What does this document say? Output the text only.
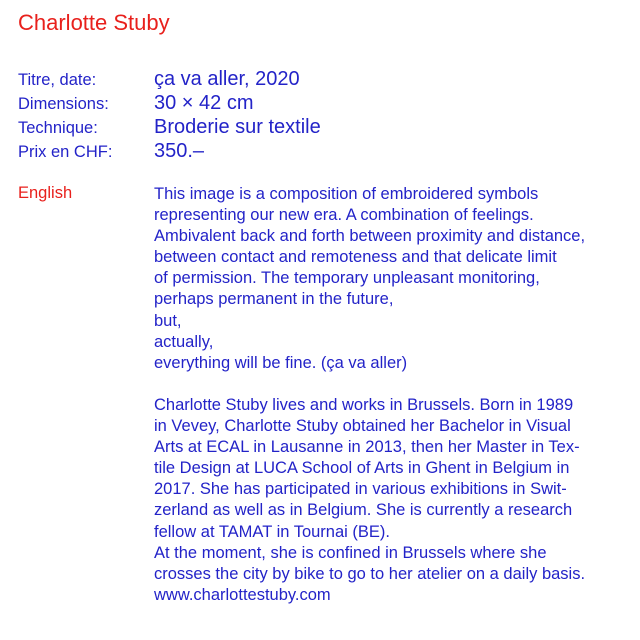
Charlotte Stuby
Titre, date:	ça va aller, 2020
Dimensions:	30 × 42 cm
Technique:	Broderie sur textile
Prix en CHF:	350.–
English	This image is a composition of embroidered symbols
representing our new era. A combination of feelings.
Ambivalent back and forth between proximity and distance,
between contact and remoteness and that delicate limit
of permission. The temporary unpleasant monitoring,
perhaps permanent in the future,
but,
actually,
everything will be fine. (ça va aller)
Charlotte Stuby lives and works in Brussels. Born in 1989
in Vevey, Charlotte Stuby obtained her Bachelor in Visual
Arts at ECAL in Lausanne in 2013, then her Master in Tex-
tile Design at LUCA School of Arts in Ghent in Belgium in
2017. She has participated in various exhibitions in Swit-
zerland as well as in Belgium. She is currently a research
fellow at TAMAT in Tournai (BE).
At the moment, she is confined in Brussels where she
crosses the city by bike to go to her atelier on a daily basis.
www.charlottestuby.com
